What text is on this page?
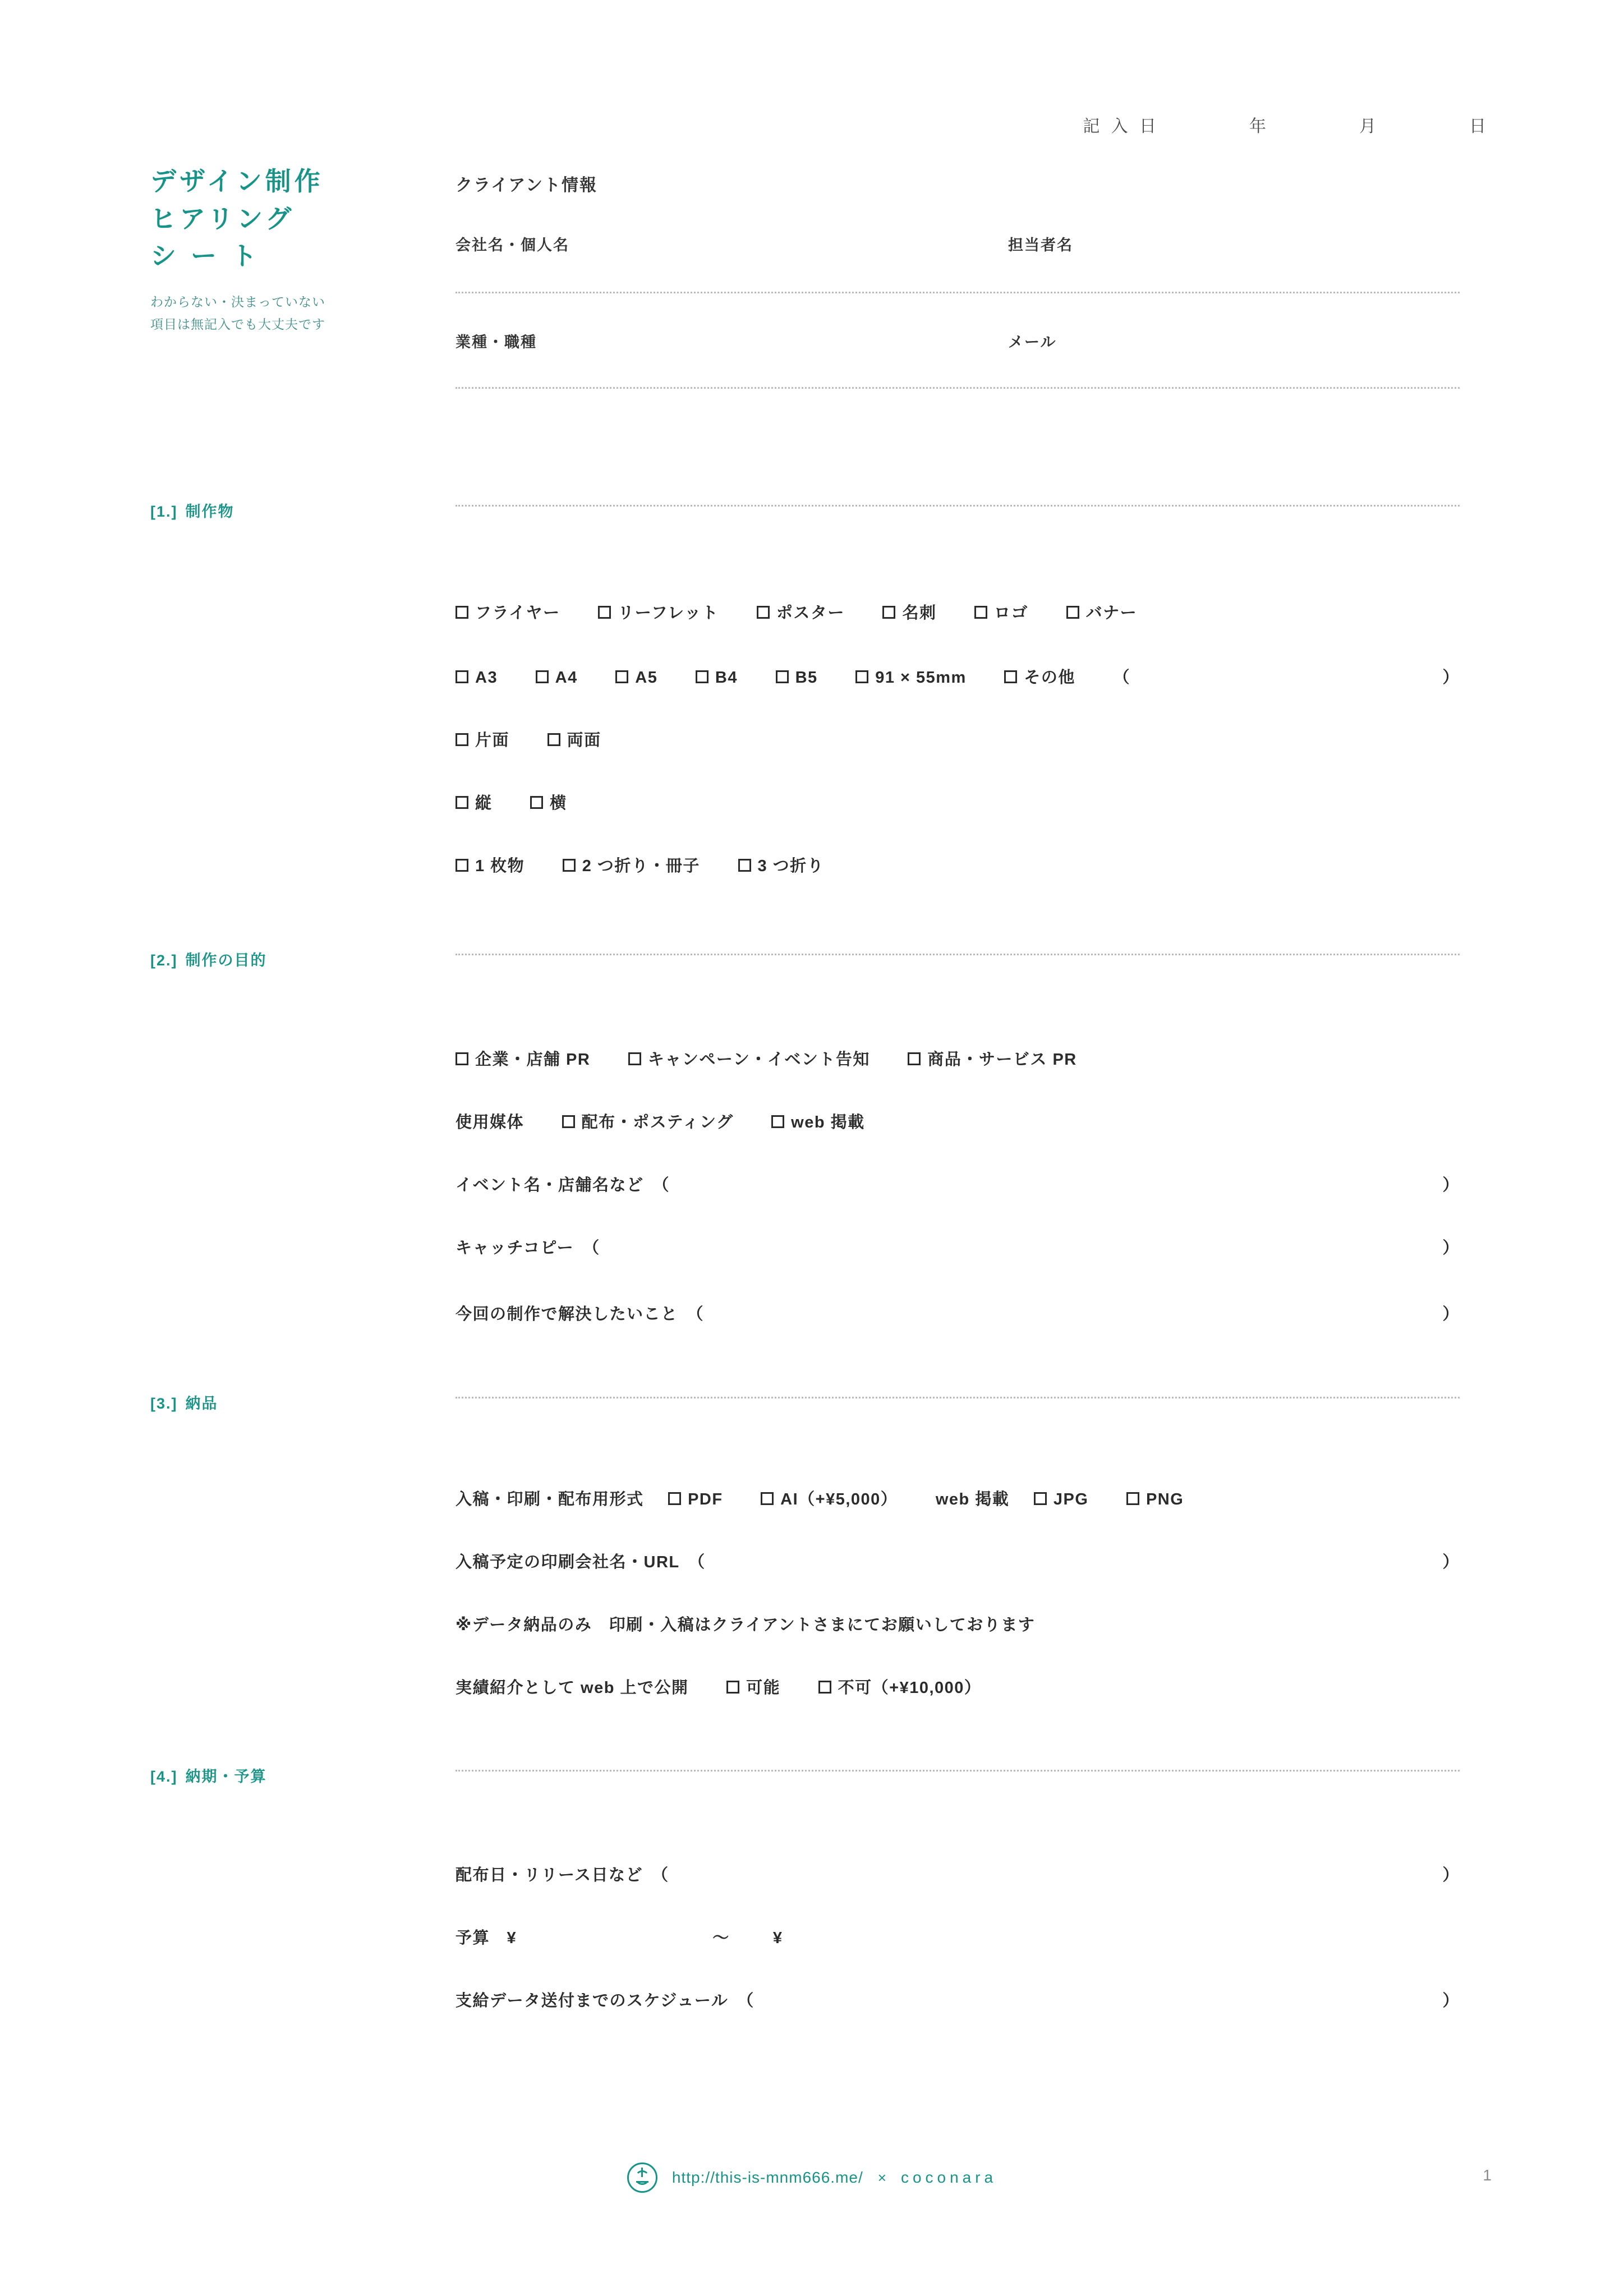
記 入 日	年	月	日
デザイン制作
ヒアリング
シート
わからない・決まっていない
項目は無記入でも大丈夫です
クライアント情報
会社名・個人名	担当者名
業種・職種	メール
[1.] 制作物
フライヤー	リーフレット	ポスター	名刺	ロゴ	バナー
A3	A4	A5	B4	B5	91 × 55mm	その他 （	）
片面	両面
縦	横
1 枚物	2 つ折り・冊子	3 つ折り
[2.] 制作の目的
企業・店舗 PR	キャンペーン・イベント告知	商品・サービス PR
使用媒体	配布・ポスティング	web 掲載
イベント名・店舗名など　（	）
キャッチコピー　（	）
今回の制作で解決したいこと　（	）
[3.] 納品
入稿・印刷・配布用形式	PDF	AI（+¥5,000） web 掲載	JPG	PNG
入稿予定の印刷会社名・URL　（	）
※データ納品のみ　印刷・入稿はクライアントさまにてお願いしております
実績紹介として web 上で公開	可能	不可（+¥10,000）
[4.] 納期・予算
配布日・リリース日など　（	）
予算　¥	〜	¥
支給データ送付までのスケジュール　（	）
http://this-is-mnm666.me/ × coconara	1
